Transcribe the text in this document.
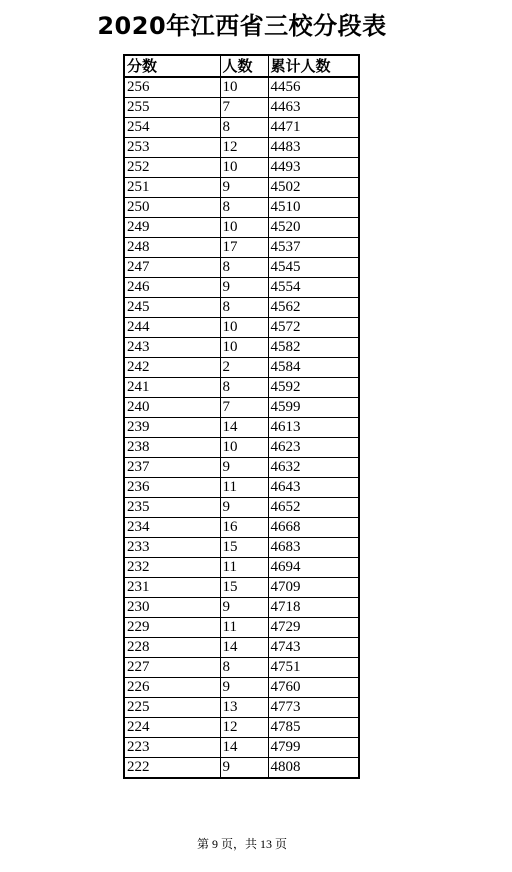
2020年江西省三校分段表
分数	人数	累计人数
256	10	4456
255	7	4463
254	8	4471
253	12	4483
252	10	4493
251	9	4502
250	8	4510
249	10	4520
248	17	4537
247	8	4545
246	9	4554
245	8	4562
244	10	4572
243	10	4582
242	2	4584
241	8	4592
240	7	4599
239	14	4613
238	10	4623
237	9	4632
236	11	4643
235	9	4652
234	16	4668
233	15	4683
232	11	4694
231	15	4709
230	9	4718
229	11	4729
228	14	4743
227	8	4751
226	9	4760
225	13	4773
224	12	4785
223	14	4799
222	9	4808
第 9 页，共 13 页
